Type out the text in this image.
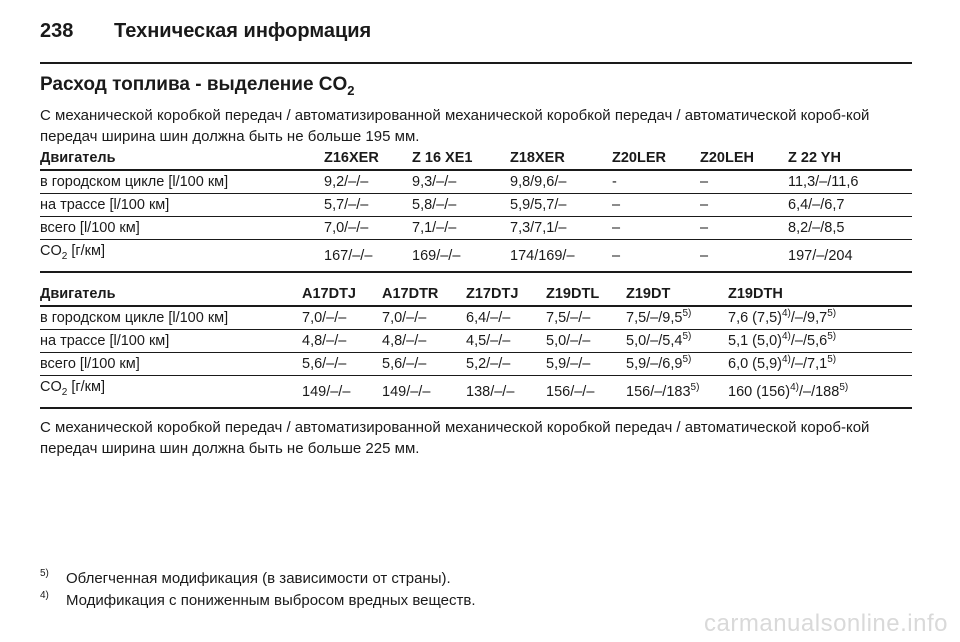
238 Техническая информация
Расход топлива - выделение $CO_2$
С механической коробкой передач / автоматизированной механической коробкой передач / автоматической короб-кой передач ширина шин должна быть не больше 195 мм.
Двигатель	Z16XER	Z 16 XE1	Z18XER	Z20LER	Z20LEH	Z 22 YH
в городском цикле [l/100 км]	9,2/–/–	9,3/–/–	9,8/9,6/–	-	–	11,3/–/11,6
на трассе [l/100 км]	5,7/–/–	5,8/–/–	5,9/5,7/–	–	–	6,4/–/6,7
всего [l/100 км]	7,0/–/–	7,1/–/–	7,3/7,1/–	–	–	8,2/–/8,5
$CO_2$ [г/км]	167/–/–	169/–/–	174/169/–	–	–	197/–/204
Двигатель	A17DTJ	A17DTR	Z17DTJ	Z19DTL	Z19DT	Z19DTH
в городском цикле [l/100 км]	7,0/–/–	7,0/–/–	6,4/–/–	7,5/–/–	7,5/–/9,5$^{5)}$	7,6 $(7,5)^{4)}/-/9,7^{5)}$
на трассе [l/100 км]	4,8/–/–	4,8/–/–	4,5/–/–	5,0/–/–	5,0/–/5,4$^{5)}$	5,1 $(5,0)^{4)}/-/5,6^{5)}$
всего [l/100 км]	5,6/–/–	5,6/–/–	5,2/–/–	5,9/–/–	5,9/–/6,9$^{5)}$	6,0 $(5,9)^{4)}/-/7,1^{5)}$
$CO_2$ [г/км]	149/–/–	149/–/–	138/–/–	156/–/–	156/–/183$^{5)}$	160 $(156)^{4)}/-/188^{5)}$
С механической коробкой передач / автоматизированной механической коробкой передач / автоматической короб-кой передач ширина шин должна быть не больше 225 мм.
5) Облегченная модификация (в зависимости от страны).
4) Модификация с пониженным выбросом вредных веществ.
carmanualsonline.info
